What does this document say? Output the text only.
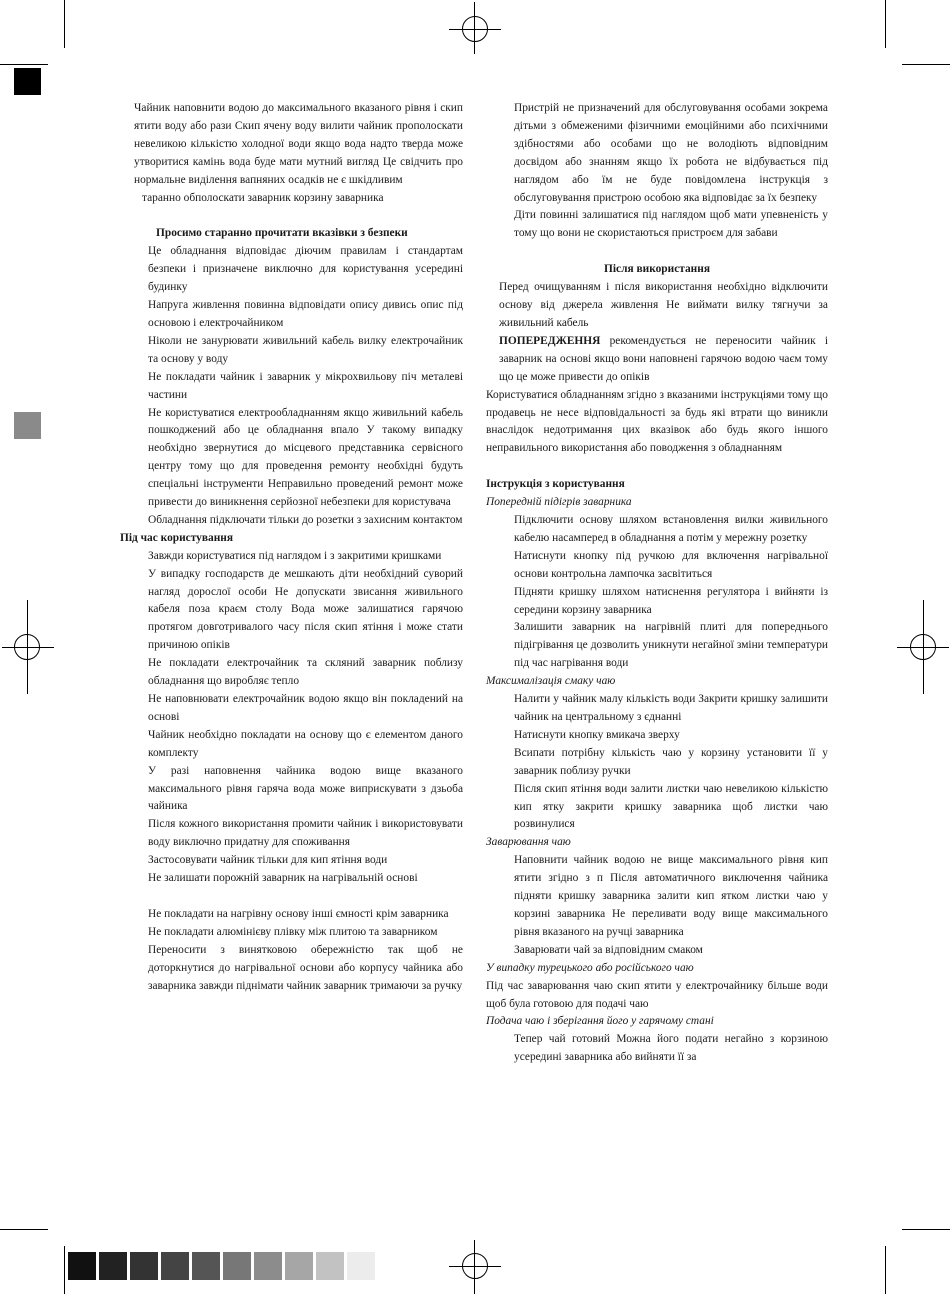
Чайник наповнити водою до максимального вказаного рівня і скип ятити воду або рази Скип ячену воду вилити чайник прополоскати невеликою кількістю холодної води якщо вода надто тверда може утворитися камінь вода буде мати мутний вигляд Це свідчить про нормальне виділення вапняних осадків не є шкідливим

таранно обполоскати заварник корзину заварника

Просимо старанно прочитати вказівки з безпеки

Це обладнання відповідає діючим правилам і стандартам безпеки і призначене виключно для користування усередині будинку

Напруга живлення повинна відповідати опису дивись опис під основою і електрочайником

Ніколи не занурювати живильний кабель вилку електрочайник та основу у воду

Не покладати чайник і заварник у мікрохвильову піч металеві частини

Не користуватися електрообладнанням якщо живильний кабель пошкоджений або це обладнання впало У такому випадку необхідно звернутися до місцевого представника сервісного центру тому що для проведення ремонту необхідні будуть спеціальні інструменти Неправильно проведений ремонт може привести до виникнення серйозної небезпеки для користувача

Обладнання підключати тільки до розетки з захисним контактом

Під час користування

Завжди користуватися під наглядом і з закритими кришками

У випадку господарств де мешкають діти необхідний суворий нагляд дорослої особи Не допускати звисання живильного кабеля поза краєм столу Вода може залишатися гарячою протягом довготривалого часу після скип ятіння і може стати причиною опіків

Не покладати електрочайник та скляний заварник поблизу обладнання що виробляє тепло

Не наповнювати електрочайник водою якщо він покладений на основі

Чайник необхідно покладати на основу що є елементом даного комплекту

У разі наповнення чайника водою вище вказаного максимального рівня гаряча вода може виприскувати з дзьоба чайника

Після кожного використання промити чайник і використовувати воду виключно придатну для споживання

Застосовувати чайник тільки для кип ятіння води

Не залишати порожній заварник на нагрівальній основі

Не покладати на нагрівну основу інші ємності крім заварника

Не покладати алюмінієву плівку між плитою та заварником

Переносити з винятковою обережністю так щоб не доторкнутися до нагрівальної основи або корпусу чайника або заварника завжди піднімати чайник заварник тримаючи за ручку

Пристрій не призначений для обслуговування особами зокрема дітьми з обмеженими фізичними емоційними або психічними здібностями або особами що не володіють відповідним досвідом або знанням якщо їх робота не відбувається під наглядом або їм не буде повідомлена інструкція з обслуговування пристрою особою яка відповідає за їх безпеку

Діти повинні залишатися під наглядом щоб мати упевненість у тому що вони не скористаються пристроєм для забави

Після використання

Перед очищуванням і після використання необхідно відключити основу від джерела живлення Не виймати вилку тягнучи за живильний кабель

ПОПЕРЕДЖЕННЯ рекомендується не переносити чайник і заварник на основі якщо вони наповнені гарячою водою чаєм тому що це може привести до опіків

Користуватися обладнанням згідно з вказаними інструкціями тому що продавець не несе відповідальності за будь які втрати що виникли внаслідок недотримання цих вказівок або будь якого іншого неправильного використання або поводження з обладнанням

Інструкція з користування

Попередній підігрів заварника

Підключити основу шляхом встановлення вилки живильного кабелю насамперед в обладнання а потім у мережну розетку

Натиснути кнопку під ручкою для включення нагрівальної основи контрольна лампочка засвітиться

Підняти кришку шляхом натиснення регулятора і вийняти із середини корзину заварника

Залишити заварник на нагрівній плиті для попереднього підігрівання це дозволить уникнути негайної зміни температури під час нагрівання води

Максималізація смаку чаю

Налити у чайник малу кількість води Закрити кришку залишити чайник на центральному з єднанні

Натиснути кнопку вмикача зверху

Всипати потрібну кількість чаю у корзину установити її у заварник поблизу ручки

Після скип ятіння води залити листки чаю невеликою кількістю кип ятку закрити кришку заварника щоб листки чаю розвинулися

Заварювання чаю

Наповнити чайник водою не вище максимального рівня кип ятити згідно з п Після автоматичного виключення чайника підняти кришку заварника залити кип ятком листки чаю у корзині заварника Не переливати воду вище максимального рівня вказаного на ручці заварника

Заварювати чай за відповідним смаком

У випадку турецького або російського чаю

Під час заварювання чаю скип ятити у електрочайнику більше води щоб була готовою для подачі чаю

Подача чаю і зберігання його у гарячому стані

Тепер чай готовий Можна його подати негайно з корзиною усередині заварника або вийняти її за
